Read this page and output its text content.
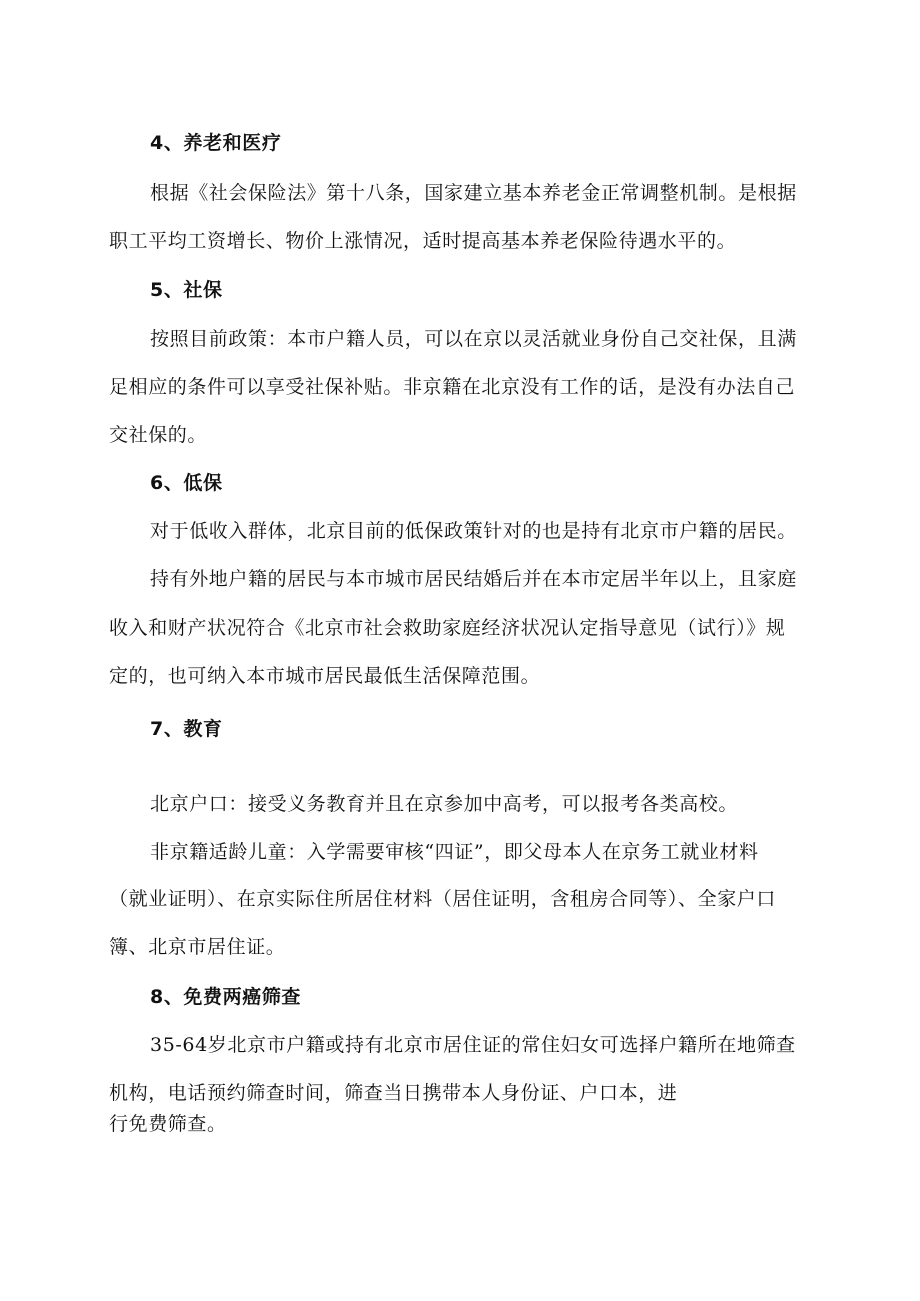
4、养老和医疗
根据《社会保险法》第十八条，国家建立基本养老金正常调整机制。是根据
职工平均工资增长、物价上涨情况，适时提高基本养老保险待遇水平的。
5、社保
按照目前政策：本市户籍人员，可以在京以灵活就业身份自己交社保，且满
足相应的条件可以享受社保补贴。非京籍在北京没有工作的话，是没有办法自己
交社保的。
6、低保
对于低收入群体，北京目前的低保政策针对的也是持有北京市户籍的居民。
持有外地户籍的居民与本市城市居民结婚后并在本市定居半年以上，且家庭
收入和财产状况符合《北京市社会救助家庭经济状况认定指导意见（试行）》规
定的，也可纳入本市城市居民最低生活保障范围。
7、教育
北京户口：接受义务教育并且在京参加中高考，可以报考各类高校。
非京籍适龄儿童：入学需要审核“四证”，即父母本人在京务工就业材料
（就业证明）、在京实际住所居住材料（居住证明，含租房合同等）、全家户口
簿、北京市居住证。
8、免费两癌筛查
35-64岁北京市户籍或持有北京市居住证的常住妇女可选择户籍所在地筛查
机构，电话预约筛查时间，筛查当日携带本人身份证、户口本，进
行免费筛查。
